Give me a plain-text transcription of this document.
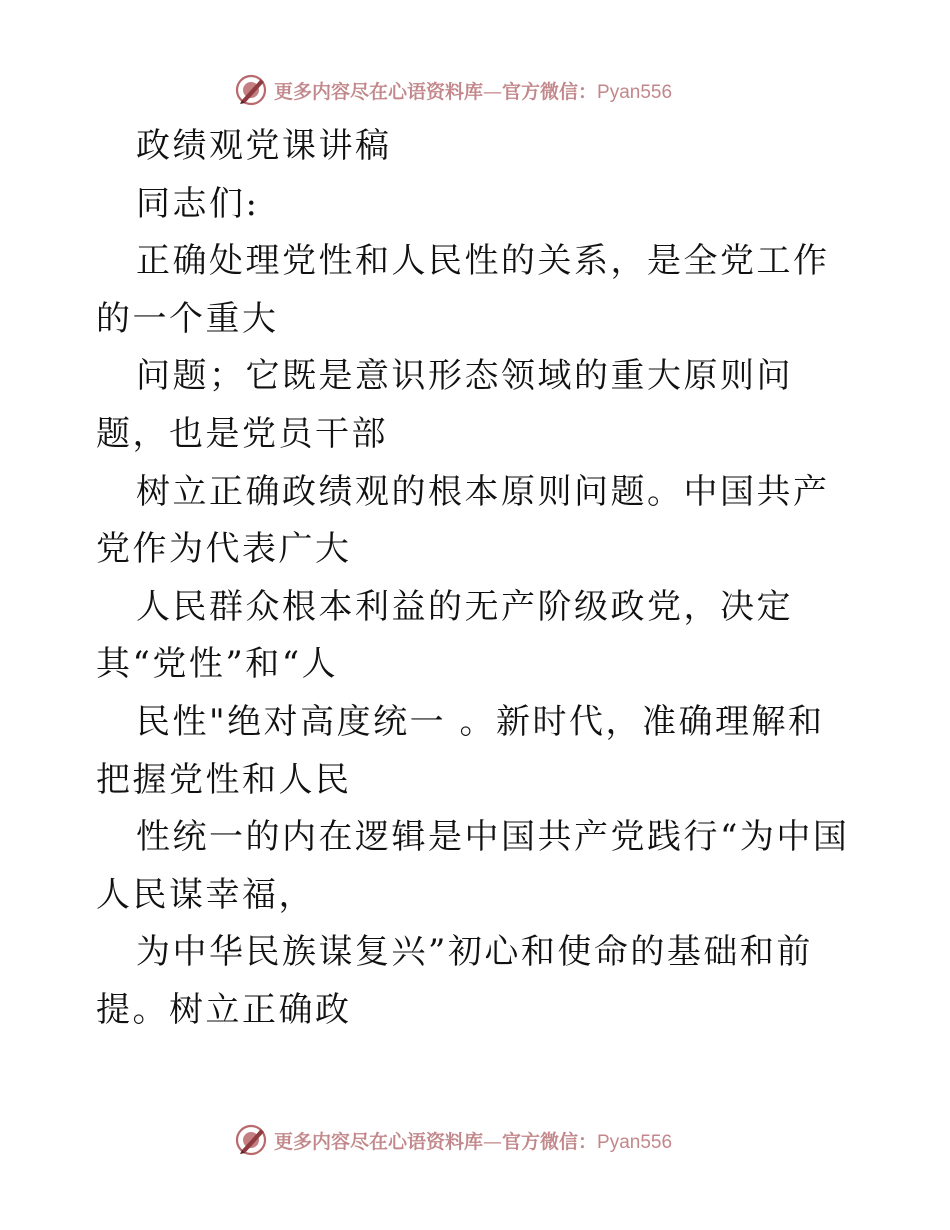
更多内容尽在心语资料库—官方微信：Pyan556

政绩观党课讲稿

同志们:

正确处理党性和人民性的关系，是全党工作的一个重大

问题；它既是意识形态领域的重大原则问题，也是党员干部

树立正确政绩观的根本原则问题。中国共产党作为代表广大

人民群众根本利益的无产阶级政党，决定其“党性”和“人

民性"绝对高度统一 。新时代，准确理解和把握党性和人民

性统一的内在逻辑是中国共产党践行“为中国人民谋幸福，

为中华民族谋复兴”初心和使命的基础和前提。树立正确政

更多内容尽在心语资料库—官方微信：Pyan556
